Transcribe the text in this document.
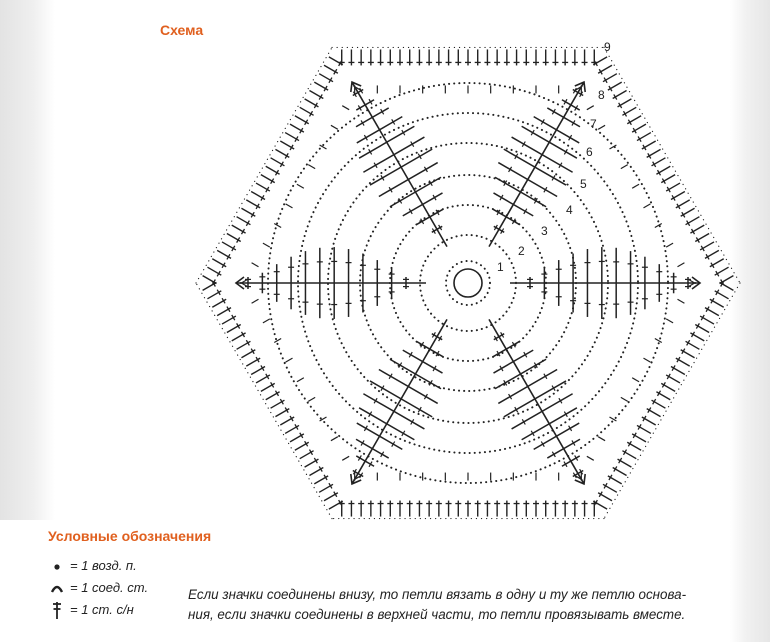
Схема
1
2
3
4
5
6
7
8
9
Условные обозначения
= 1 возд. п.
= 1 соед. ст.
= 1 ст. с/н
Если значки соединены внизу, то петли вязать в одну и ту же петлю основа-
ния, если значки соединены в верхней части, то петли провязывать вместе.
